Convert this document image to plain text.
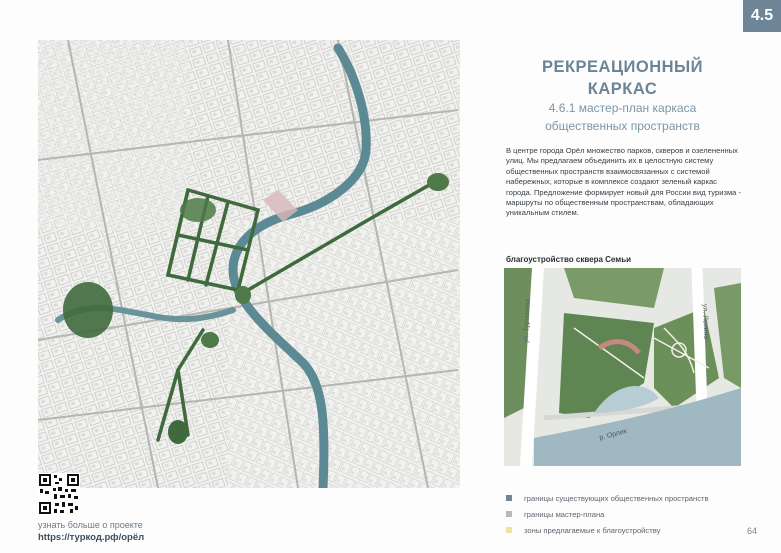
4.5
узнать больше о проекте
https://туркод.рф/орёл
РЕКРЕАЦИОННЫЙ
КАРКАС
4.6.1 мастер-план каркаса
общественных пространств
В центре города Орёл множество парков, скверов и озелененных улиц. Мы предлагаем объединить их в целостную систему общественных пространств взаимосвязанных с системой набережных, которые в комплексе создают зеленый каркас города. Предложение формирует новый для России вид туризма - маршруты по общественным пространствам, обладающих уникальным стилем.
благоустройство сквера Семьи
ул. Тургенева	ул. Ленина
р. Орлик
границы существующих общественных пространств
границы мастер-плана
зоны предлагаемые к благоустройству	64
